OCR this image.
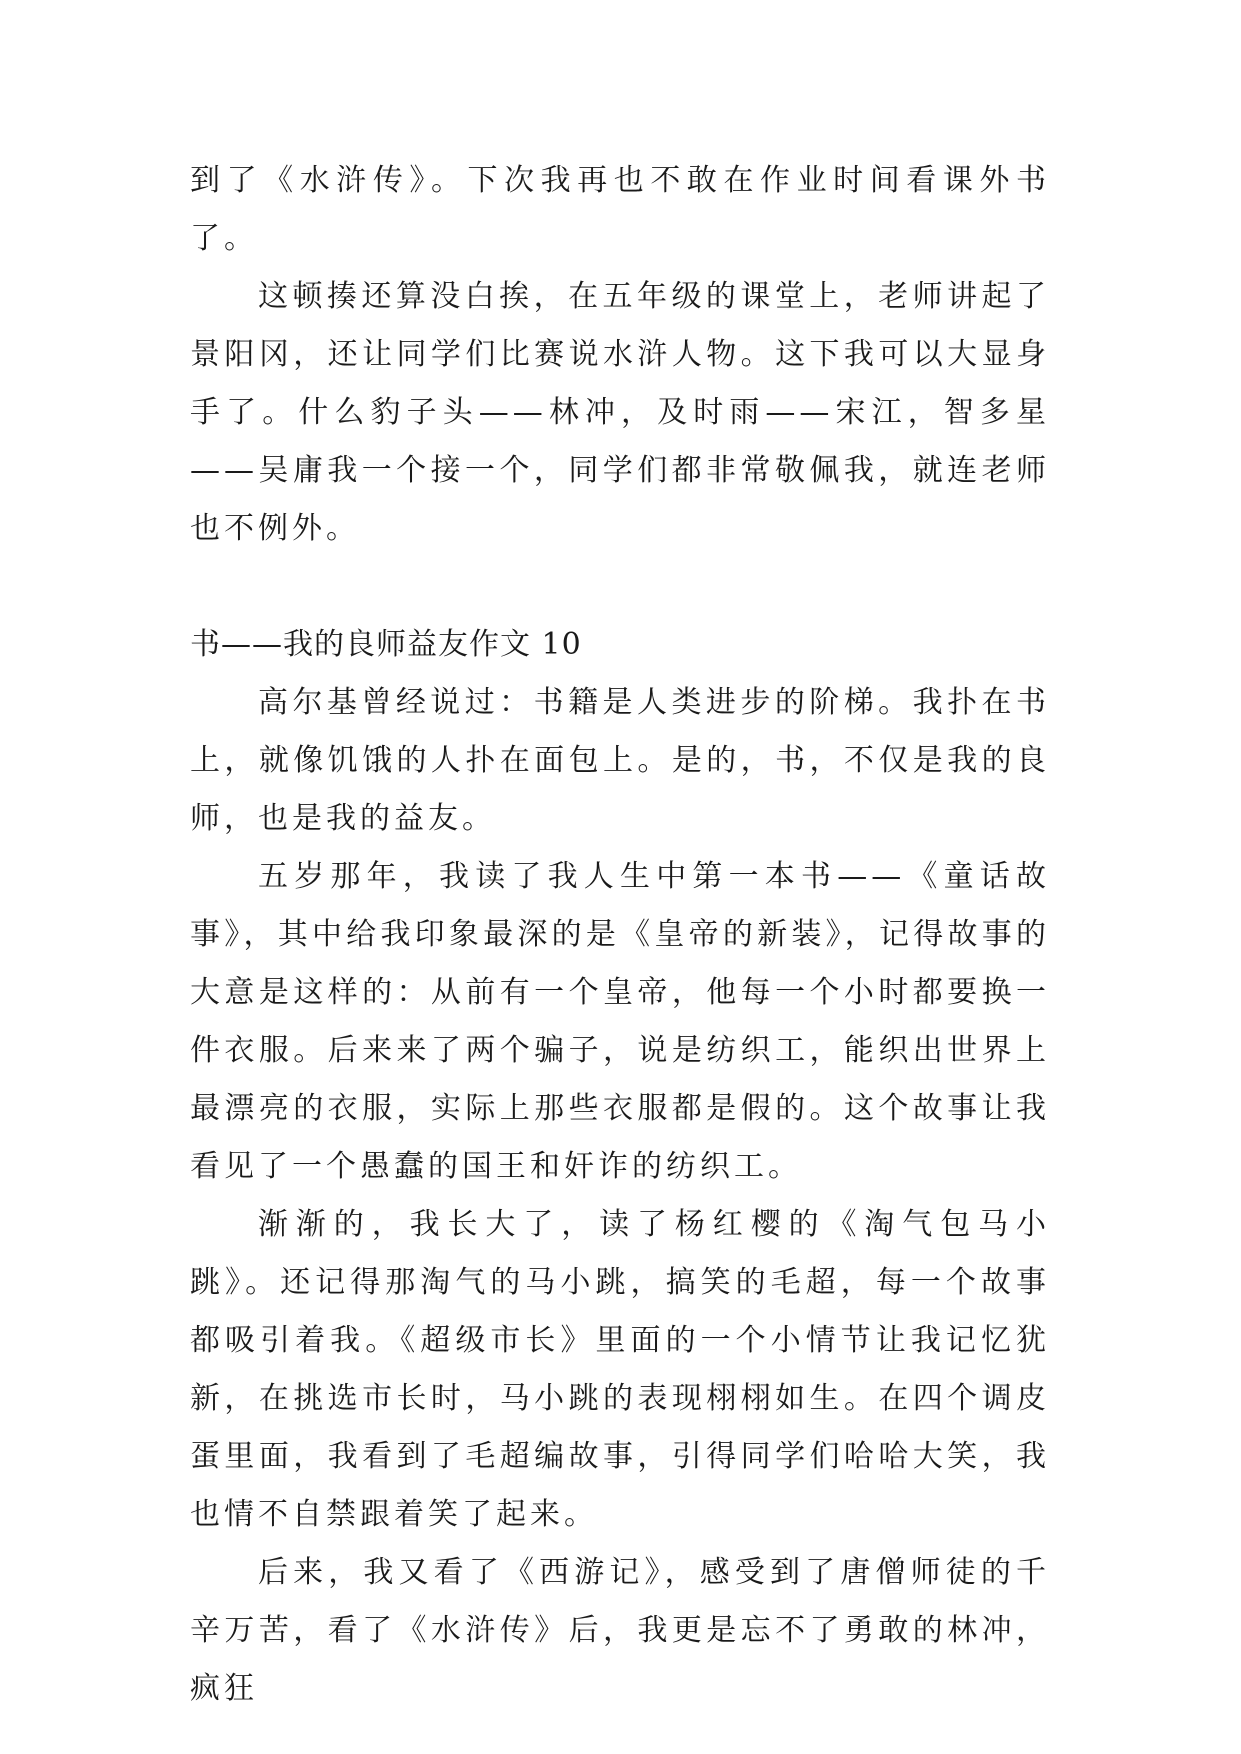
到了《水浒传》。下次我再也不敢在作业时间看课外书了。

这顿揍还算没白挨，在五年级的课堂上，老师讲起了景阳冈，还让同学们比赛说水浒人物。这下我可以大显身手了。什么豹子头——林冲，及时雨——宋江，智多星——吴庸我一个接一个，同学们都非常敬佩我，就连老师也不例外。

书——我的良师益友作文 10

高尔基曾经说过：书籍是人类进步的阶梯。我扑在书上，就像饥饿的人扑在面包上。是的，书，不仅是我的良师，也是我的益友。

五岁那年，我读了我人生中第一本书——《童话故事》，其中给我印象最深的是《皇帝的新装》，记得故事的大意是这样的：从前有一个皇帝，他每一个小时都要换一件衣服。后来来了两个骗子，说是纺织工，能织出世界上最漂亮的衣服，实际上那些衣服都是假的。这个故事让我看见了一个愚蠢的国王和奸诈的纺织工。

渐渐的，我长大了，读了杨红樱的《淘气包马小跳》。还记得那淘气的马小跳，搞笑的毛超，每一个故事都吸引着我。《超级市长》里面的一个小情节让我记忆犹新，在挑选市长时，马小跳的表现栩栩如生。在四个调皮蛋里面，我看到了毛超编故事，引得同学们哈哈大笑，我也情不自禁跟着笑了起来。

后来，我又看了《西游记》，感受到了唐僧师徒的千辛万苦，看了《水浒传》后，我更是忘不了勇敢的林冲，疯狂
